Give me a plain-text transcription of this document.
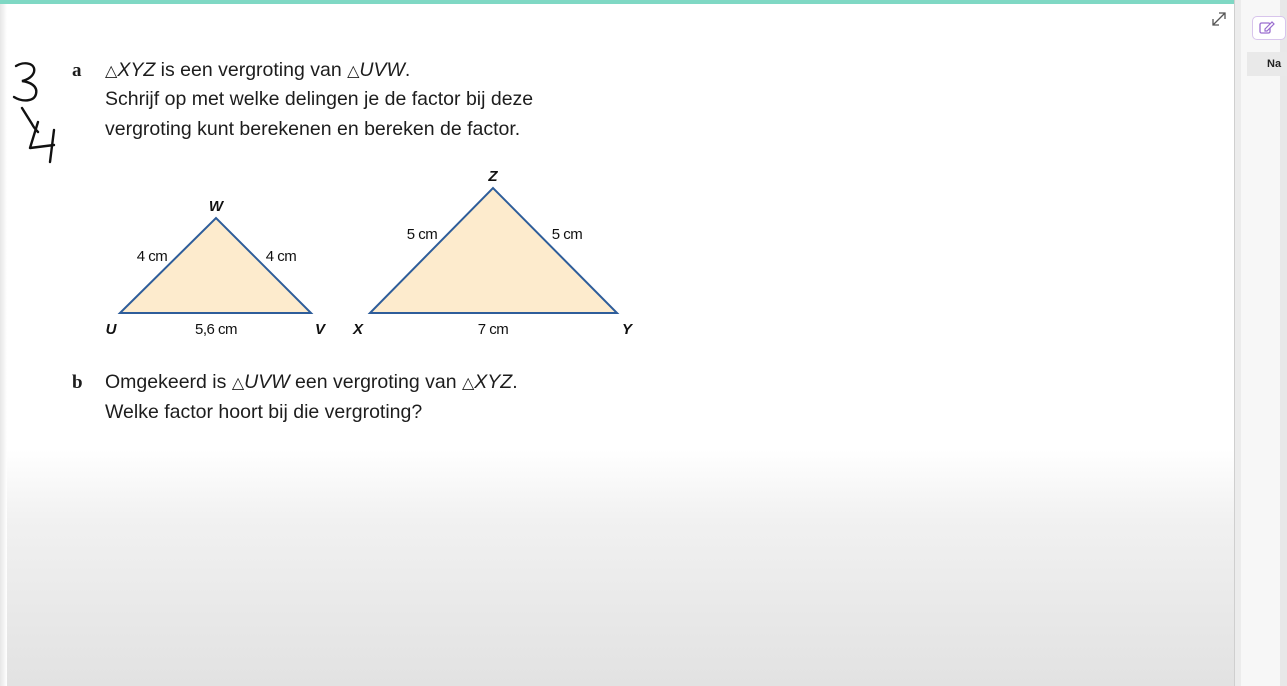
a △XYZ is een vergroting van △UVW.
Schrijf op met welke delingen je de factor bij deze
vergroting kunt berekenen en bereken de factor.
W
U	V
4 cm	4 cm
5,6 cm
Z
X	Y
5 cm	5 cm
7 cm
b Omgekeerd is △UVW een vergroting van △XYZ.
Welke factor hoort bij die vergroting?
Na
